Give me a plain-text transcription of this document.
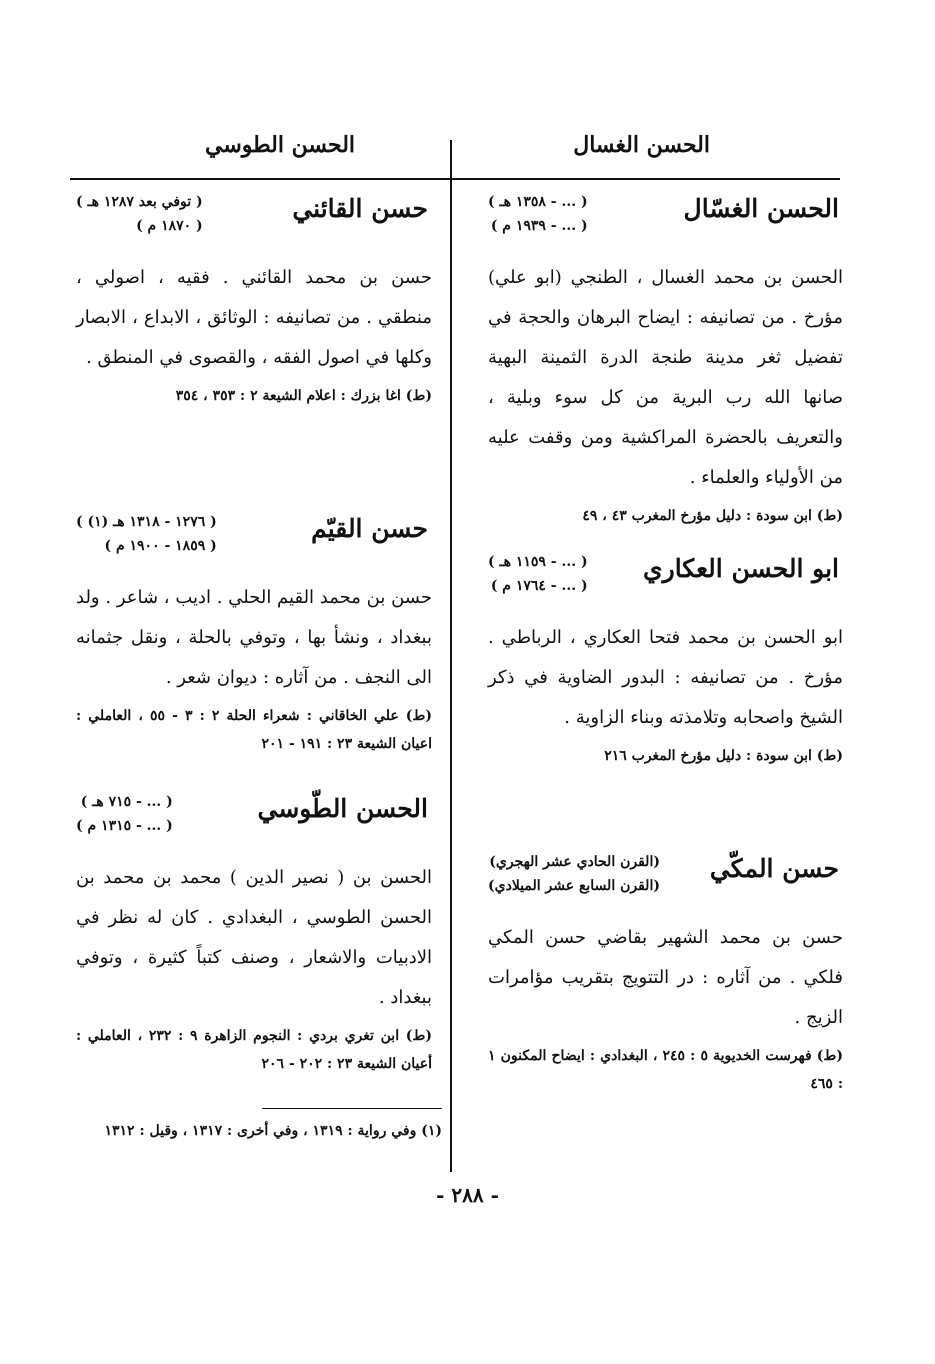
الحسن الغسال
الحسن الطوسي
الحسن الغسّال
( ... - ١٣٥٨ هـ )
( ... - ١٩٣٩ م )
الحسن بن محمد الغسال ، الطنجي (ابو علي) مؤرخ . من تصانيفه : ايضاح البرهان والحجة في تفضيل ثغر مدينة طنجة الدرة الثمينة البهية صانها الله رب البرية من كل سوء وبلية ، والتعريف بالحضرة المراكشية ومن وقفت عليه من الأولياء والعلماء .
(ط) ابن سودة : دليل مؤرخ المغرب ٤٣ ، ٤٩
ابو الحسن العكاري
( ... - ١١٥٩ هـ )
( ... - ١٧٦٤ م )
ابو الحسن بن محمد فتحا العكاري ، الرباطي . مؤرخ . من تصانيفه : البدور الضاوية في ذكر الشيخ واصحابه وتلامذته وبناء الزاوية .
(ط) ابن سودة : دليل مؤرخ المغرب ٢١٦
حسن المكّي
(القرن الحادي عشر الهجري)
(القرن السابع عشر الميلادي)
حسن بن محمد الشهير بقاضي حسن المكي فلكي . من آثاره : در التتويج بتقريب مؤامرات الزيج .
(ط) فهرست الخديوية ٥ : ٢٤٥ ، البغدادي : ايضاح المكنون ١ : ٤٦٥
حسن القائني
( توفي بعد ١٢٨٧ هـ )
( ١٨٧٠ م )
حسن بن محمد القائني . فقيه ، اصولي ، منطقي . من تصانيفه : الوثائق ، الابداع ، الابصار وكلها في اصول الفقه ، والقصوى في المنطق .
(ط) اغا بزرك : اعلام الشيعة ٢ : ٣٥٣ ، ٣٥٤
حسن القيّم
( ١٢٧٦ - ١٣١٨ هـ (١) )
( ١٨٥٩ - ١٩٠٠ م )
حسن بن محمد القيم الحلي . اديب ، شاعر . ولد ببغداد ، ونشأ بها ، وتوفي بالحلة ، ونقل جثمانه الى النجف . من آثاره : ديوان شعر .
(ط) علي الخاقاني : شعراء الحلة ٢ : ٣ - ٥٥ ، العاملي : اعيان الشيعة ٢٣ : ١٩١ - ٢٠١
الحسن الطّوسي
( ... - ٧١٥ هـ )
( ... - ١٣١٥ م )
الحسن بن ( نصير الدين ) محمد بن محمد بن الحسن الطوسي ، البغدادي . كان له نظر في الادبيات والاشعار ، وصنف كتباً كثيرة ، وتوفي ببغداد .
(ط) ابن تغري بردي : النجوم الزاهرة ٩ : ٢٣٢ ، العاملي : أعيان الشيعة ٢٣ : ٢٠٢ - ٢٠٦
(١) وفي رواية : ١٣١٩ ، وفي أخرى : ١٣١٧ ، وقيل : ١٣١٢
- ٢٨٨ -
